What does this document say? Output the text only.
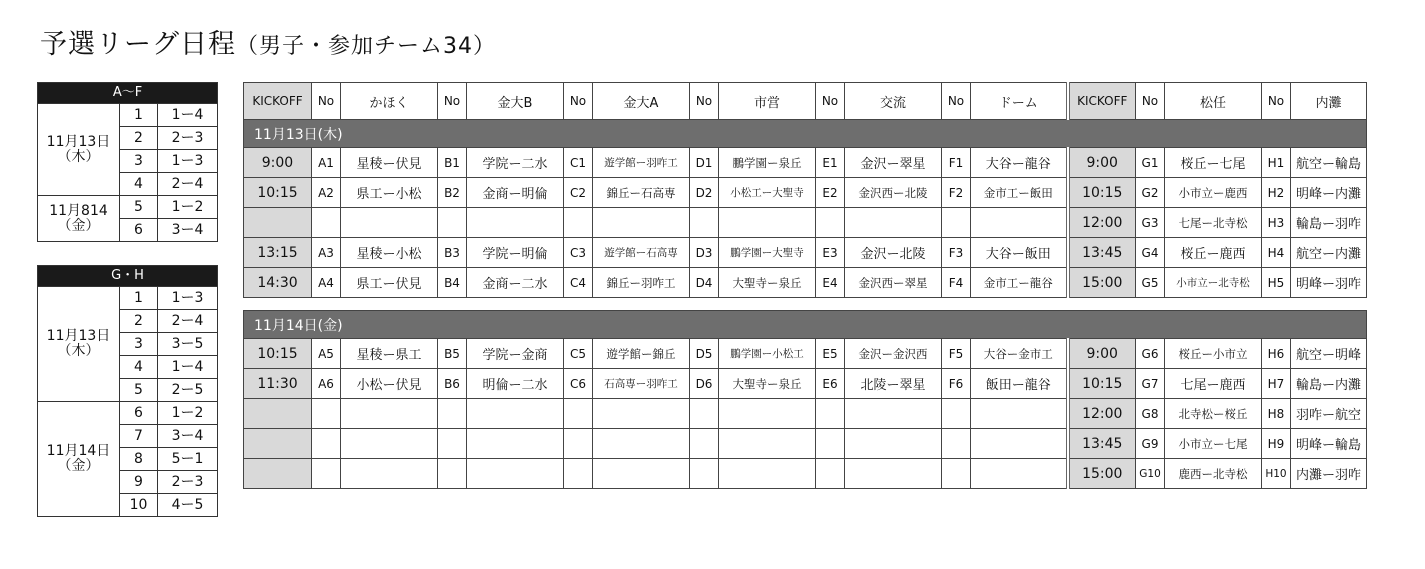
予選リーグ日程（男子・参加チーム34）
A〜F		
11月13日
（木）	1	1ー4
	2	2ー3
	3	1ー3
	4	2ー4
11月814
（金）	5	1ー2
	6	3ー4
G・H		
11月13日
（木）	1	1ー3
	2	2ー4
	3	3ー5
	4	1ー4
	5	2ー5
11月14日
（金）	6	1ー2
	7	3ー4
	8	5ー1
	9	2ー3
	10	4ー5
KICKOFF	No	かほく	No	金大B	No	金大A	No	市営	No	交流	No	ドーム	KICKOFF	No	松任	No	内灘
11月13日(木)																	
9:00	A1	星稜ー伏見	B1	学院ー二水	C1	遊学館ー羽咋工	D1	鵬学園ー泉丘	E1	金沢ー翠星	F1	大谷ー龍谷	9:00	G1	桜丘ー七尾	H1	航空ー輪島
10:15	A2	県工ー小松	B2	金商ー明倫	C2	錦丘ー石高専	D2	小松工ー大聖寺	E2	金沢西ー北陵	F2	金市工ー飯田	10:15	G2	小市立ー鹿西	H2	明峰ー内灘
													12:00	G3	七尾ー北寺松	H3	輪島ー羽咋
13:15	A3	星稜ー小松	B3	学院ー明倫	C3	遊学館ー石高専	D3	鵬学園ー大聖寺	E3	金沢ー北陵	F3	大谷ー飯田	13:45	G4	桜丘ー鹿西	H4	航空ー内灘
14:30	A4	県工ー伏見	B4	金商ー二水	C4	錦丘ー羽咋工	D4	大聖寺ー泉丘	E4	金沢西ー翠星	F4	金市工ー龍谷	15:00	G5	小市立ー北寺松	H5	明峰ー羽咋

11月14日(金)																	
10:15	A5	星稜ー県工	B5	学院ー金商	C5	遊学館ー錦丘	D5	鵬学園ー小松工	E5	金沢ー金沢西	F5	大谷ー金市工	9:00	G6	桜丘ー小市立	H6	航空ー明峰
11:30	A6	小松ー伏見	B6	明倫ー二水	C6	石高専ー羽咋工	D6	大聖寺ー泉丘	E6	北陵ー翠星	F6	飯田ー龍谷	10:15	G7	七尾ー鹿西	H7	輪島ー内灘
													12:00	G8	北寺松ー桜丘	H8	羽咋ー航空
													13:45	G9	小市立ー七尾	H9	明峰ー輪島
													15:00	G10	鹿西ー北寺松	H10	内灘ー羽咋
